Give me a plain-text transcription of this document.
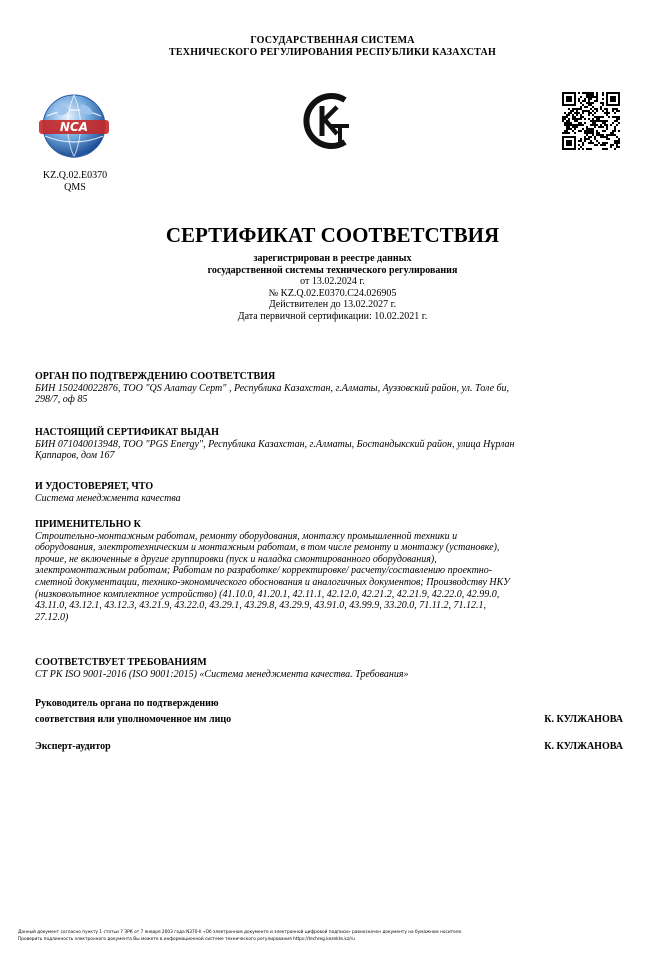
ГОСУДАРСТВЕННАЯ СИСТЕМА
ТЕХНИЧЕСКОГО РЕГУЛИРОВАНИЯ РЕСПУБЛИКИ КАЗАХСТАН
NCA
KZ.Q.02.E0370
QMS
СЕРТИФИКАТ СООТВЕТСТВИЯ
зарегистрирован в реестре данных
государственной системы технического регулирования
от 13.02.2024 г.
№ KZ.Q.02.E0370.C24.026905
Действителен до 13.02.2027 г.
Дата первичной сертификации: 10.02.2021 г.
ОРГАН ПО ПОДТВЕРЖДЕНИЮ СООТВЕТСТВИЯ
БИН 150240022876, ТОО "QS Алатау Серт" , Республика Казахстан, г.Алматы, Ауэзовский район, ул. Толе би,
298/7, оф 85
НАСТОЯЩИЙ СЕРТИФИКАТ ВЫДАН
БИН 071040013948, ТОО "PGS Energy", Республика Казахстан, г.Алматы, Бостандыкский район, улица Нұрлан
Қаппаров, дом 167
И УДОСТОВЕРЯЕТ, ЧТО
Система менеджмента качества
ПРИМЕНИТЕЛЬНО К
Строительно-монтажным работам, ремонту оборудования, монтажу промышленной техники и
оборудования, электротехническим и монтажным работам, в том числе ремонту и монтажу (установке),
прочие, не включенные в другие группировки (пуск и наладка смонтированного оборудования),
электромонтажным работам; Работам по разработке/ корректировке/ расчету/составлению проектно-
сметной документации, технико-экономического обоснования и аналогичных документов; Производству НКУ
(низковольтное комплектное устройство) (41.10.0, 41.20.1, 42.11.1, 42.12.0, 42.21.2, 42.21.9, 42.22.0, 42.99.0,
43.11.0, 43.12.1, 43.12.3, 43.21.9, 43.22.0, 43.29.1, 43.29.8, 43.29.9, 43.91.0, 43.99.9, 33.20.0, 71.11.2, 71.12.1,
27.12.0)
СООТВЕТСТВУЕТ ТРЕБОВАНИЯМ
СТ РК ISO 9001-2016 (ISO 9001:2015) «Система менеджмента качества. Требования»
Руководитель органа по подтверждению
соответствия или уполномоченное им лицо	К. КУЛЖАНОВА
Эксперт-аудитор	К. КУЛЖАНОВА
Данный документ согласно пункту 1 статьи 7 ЗРК от 7 января 2003 года N370-II «Об электронном документе и электронной цифровой подписи» равнозначен документу на бумажном носителе.
Проверить подлинность электронного документа Вы можете в информационной системе технического регулирования https://techreg.kezekte.kz/ru
